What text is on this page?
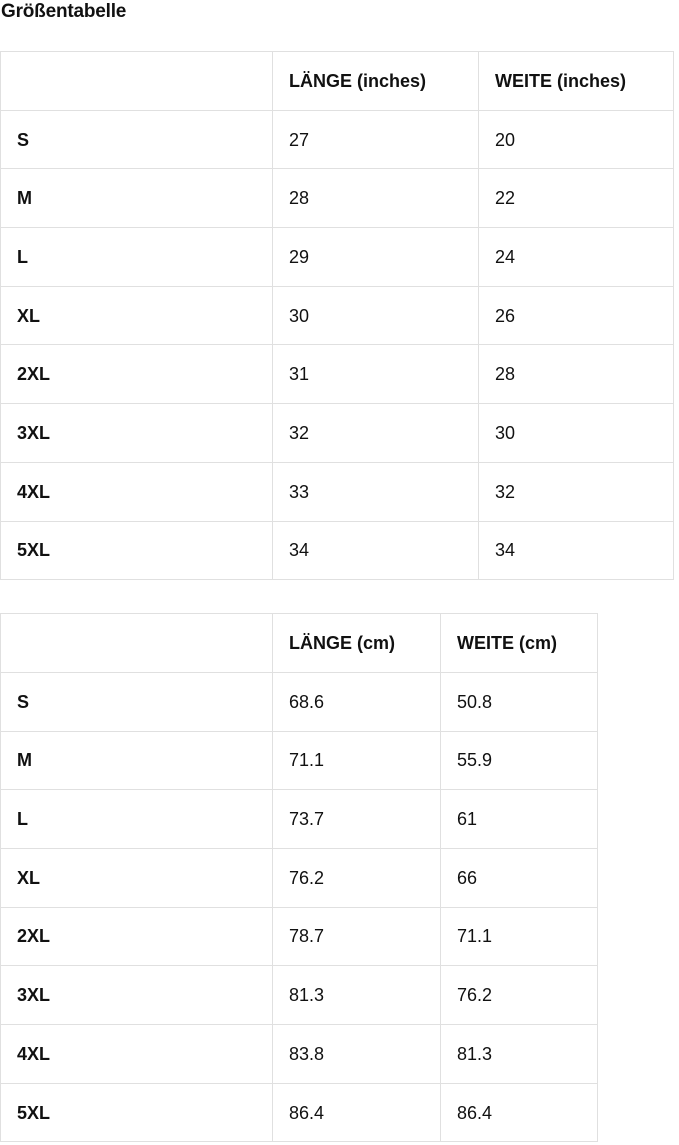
Größentabelle
	LÄNGE (inches)	WEITE (inches)
S	27	20
M	28	22
L	29	24
XL	30	26
2XL	31	28
3XL	32	30
4XL	33	32
5XL	34	34
	LÄNGE (cm)	WEITE (cm)
S	68.6	50.8
M	71.1	55.9
L	73.7	61
XL	76.2	66
2XL	78.7	71.1
3XL	81.3	76.2
4XL	83.8	81.3
5XL	86.4	86.4
